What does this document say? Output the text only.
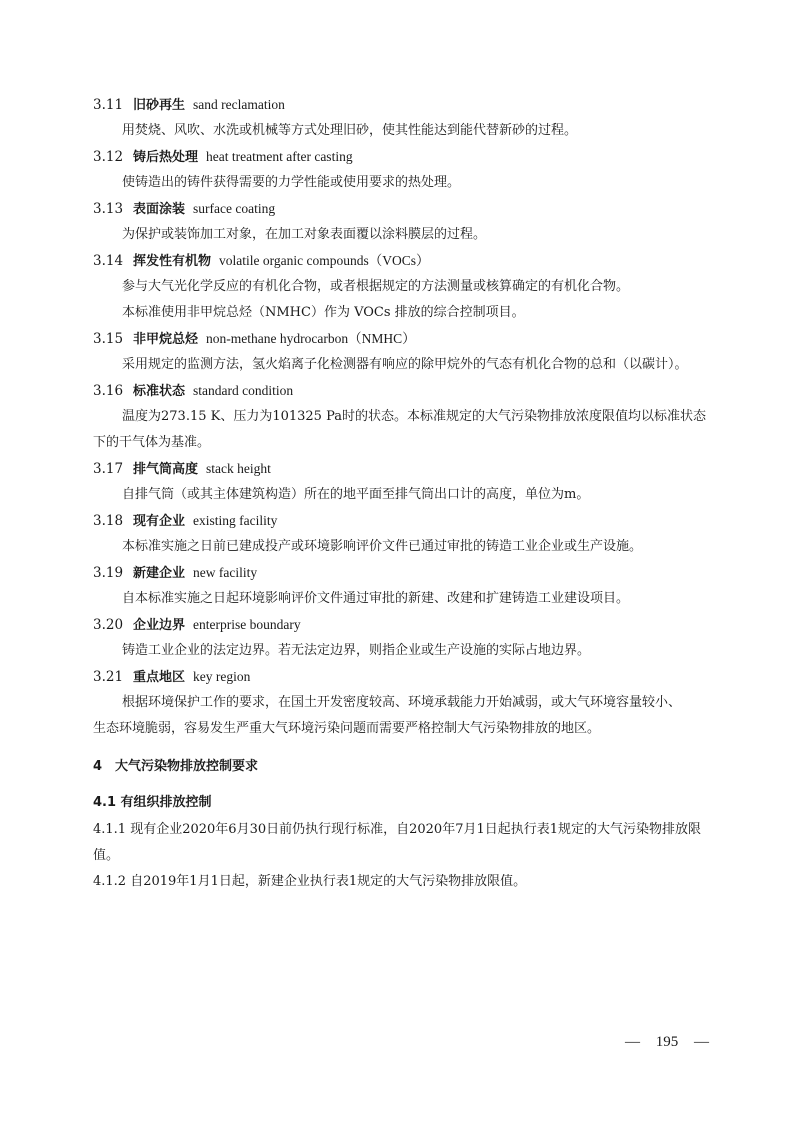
3.11 旧砂再生 sand reclamation
用焚烧、风吹、水洗或机械等方式处理旧砂，使其性能达到能代替新砂的过程。
3.12 铸后热处理 heat treatment after casting
使铸造出的铸件获得需要的力学性能或使用要求的热处理。
3.13 表面涂装 surface coating
为保护或装饰加工对象，在加工对象表面覆以涂料膜层的过程。
3.14 挥发性有机物 volatile organic compounds（VOCs）
参与大气光化学反应的有机化合物，或者根据规定的方法测量或核算确定的有机化合物。
本标准使用非甲烷总烃（NMHC）作为 VOCs 排放的综合控制项目。
3.15 非甲烷总烃 non-methane hydrocarbon（NMHC）
采用规定的监测方法，氢火焰离子化检测器有响应的除甲烷外的气态有机化合物的总和（以碳计）。
3.16 标准状态 standard condition
温度为273.15 K、压力为101325 Pa时的状态。本标准规定的大气污染物排放浓度限值均以标准状态
下的干气体为基准。
3.17 排气筒高度 stack height
自排气筒（或其主体建筑构造）所在的地平面至排气筒出口计的高度，单位为m。
3.18 现有企业 existing facility
本标准实施之日前已建成投产或环境影响评价文件已通过审批的铸造工业企业或生产设施。
3.19 新建企业 new facility
自本标准实施之日起环境影响评价文件通过审批的新建、改建和扩建铸造工业建设项目。
3.20 企业边界 enterprise boundary
铸造工业企业的法定边界。若无法定边界，则指企业或生产设施的实际占地边界。
3.21 重点地区 key region
根据环境保护工作的要求，在国土开发密度较高、环境承载能力开始减弱，或大气环境容量较小、
生态环境脆弱，容易发生严重大气环境污染问题而需要严格控制大气污染物排放的地区。
4 大气污染物排放控制要求
4.1 有组织排放控制
4.1.1 现有企业2020年6月30日前仍执行现行标准，自2020年7月1日起执行表1规定的大气污染物排放限
值。
4.1.2 自2019年1月1日起，新建企业执行表1规定的大气污染物排放限值。
— 195 —
